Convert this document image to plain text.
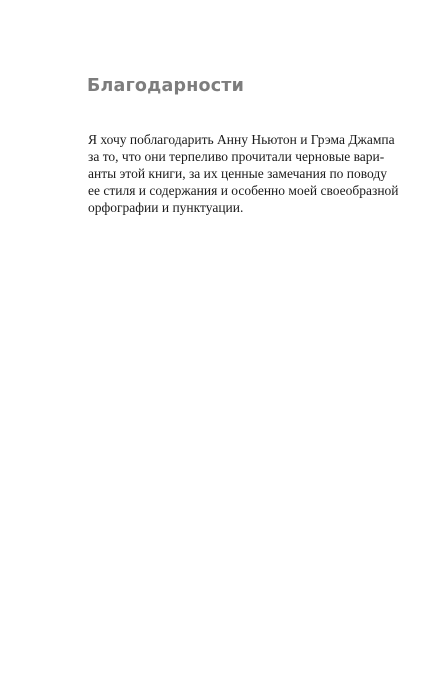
Благодарности
Я хочу поблагодарить Анну Ньютон и Грэма Джампа
за то, что они терпеливо прочитали черновые вари-
анты этой книги, за их ценные замечания по поводу
ее стиля и содержания и особенно моей своеобразной
орфографии и пунктуации.
